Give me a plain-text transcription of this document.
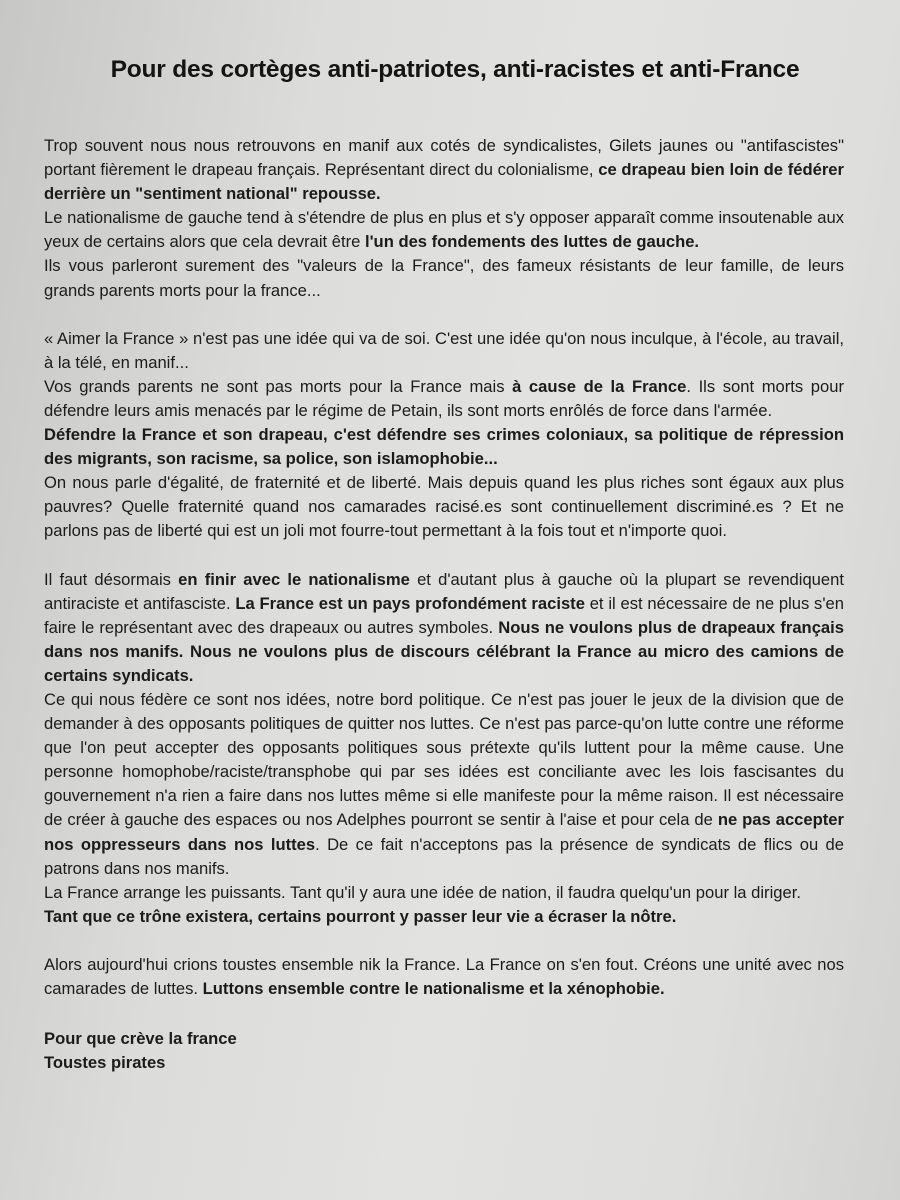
Pour des cortèges anti-patriotes, anti-racistes et anti-France

Trop souvent nous nous retrouvons en manif aux cotés de syndicalistes, Gilets jaunes ou "antifascistes" portant fièrement le drapeau français. Représentant direct du colonialisme, ce drapeau bien loin de fédérer derrière un "sentiment national" repousse.

Le nationalisme de gauche tend à s'étendre de plus en plus et s'y opposer apparaît comme insoutenable aux yeux de certains alors que cela devrait être l'un des fondements des luttes de gauche.

Ils vous parleront surement des "valeurs de la France", des fameux résistants de leur famille, de leurs grands parents morts pour la france...

« Aimer la France » n'est pas une idée qui va de soi. C'est une idée qu'on nous inculque, à l'école, au travail, à la télé, en manif...

Vos grands parents ne sont pas morts pour la France mais à cause de la France. Ils sont morts pour défendre leurs amis menacés par le régime de Petain, ils sont morts enrôlés de force dans l'armée.

Défendre la France et son drapeau, c'est défendre ses crimes coloniaux, sa politique de répression des migrants, son racisme, sa police, son islamophobie...

On nous parle d'égalité, de fraternité et de liberté. Mais depuis quand les plus riches sont égaux aux plus pauvres? Quelle fraternité quand nos camarades racisé.es sont continuellement discriminé.es ? Et ne parlons pas de liberté qui est un joli mot fourre-tout permettant à la fois tout et n'importe quoi.

Il faut désormais en finir avec le nationalisme et d'autant plus à gauche où la plupart se revendiquent antiraciste et antifasciste. La France est un pays profondément raciste et il est nécessaire de ne plus s'en faire le représentant avec des drapeaux ou autres symboles. Nous ne voulons plus de drapeaux français dans nos manifs. Nous ne voulons plus de discours célébrant la France au micro des camions de certains syndicats.

Ce qui nous fédère ce sont nos idées, notre bord politique. Ce n'est pas jouer le jeux de la division que de demander à des opposants politiques de quitter nos luttes. Ce n'est pas parce-qu'on lutte contre une réforme que l'on peut accepter des opposants politiques sous prétexte qu'ils luttent pour la même cause. Une personne homophobe/raciste/transphobe qui par ses idées est conciliante avec les lois fascisantes du gouvernement n'a rien a faire dans nos luttes même si elle manifeste pour la même raison. Il est nécessaire de créer à gauche des espaces ou nos Adelphes pourront se sentir à l'aise et pour cela de ne pas accepter nos oppresseurs dans nos luttes. De ce fait n'acceptons pas la présence de syndicats de flics ou de patrons dans nos manifs.

La France arrange les puissants. Tant qu'il y aura une idée de nation, il faudra quelqu'un pour la diriger.

Tant que ce trône existera, certains pourront y passer leur vie a écraser la nôtre.

Alors aujourd'hui crions toustes ensemble nik la France. La France on s'en fout. Créons une unité avec nos camarades de luttes. Luttons ensemble contre le nationalisme et la xénophobie.

Pour que crève la france
Toustes pirates
